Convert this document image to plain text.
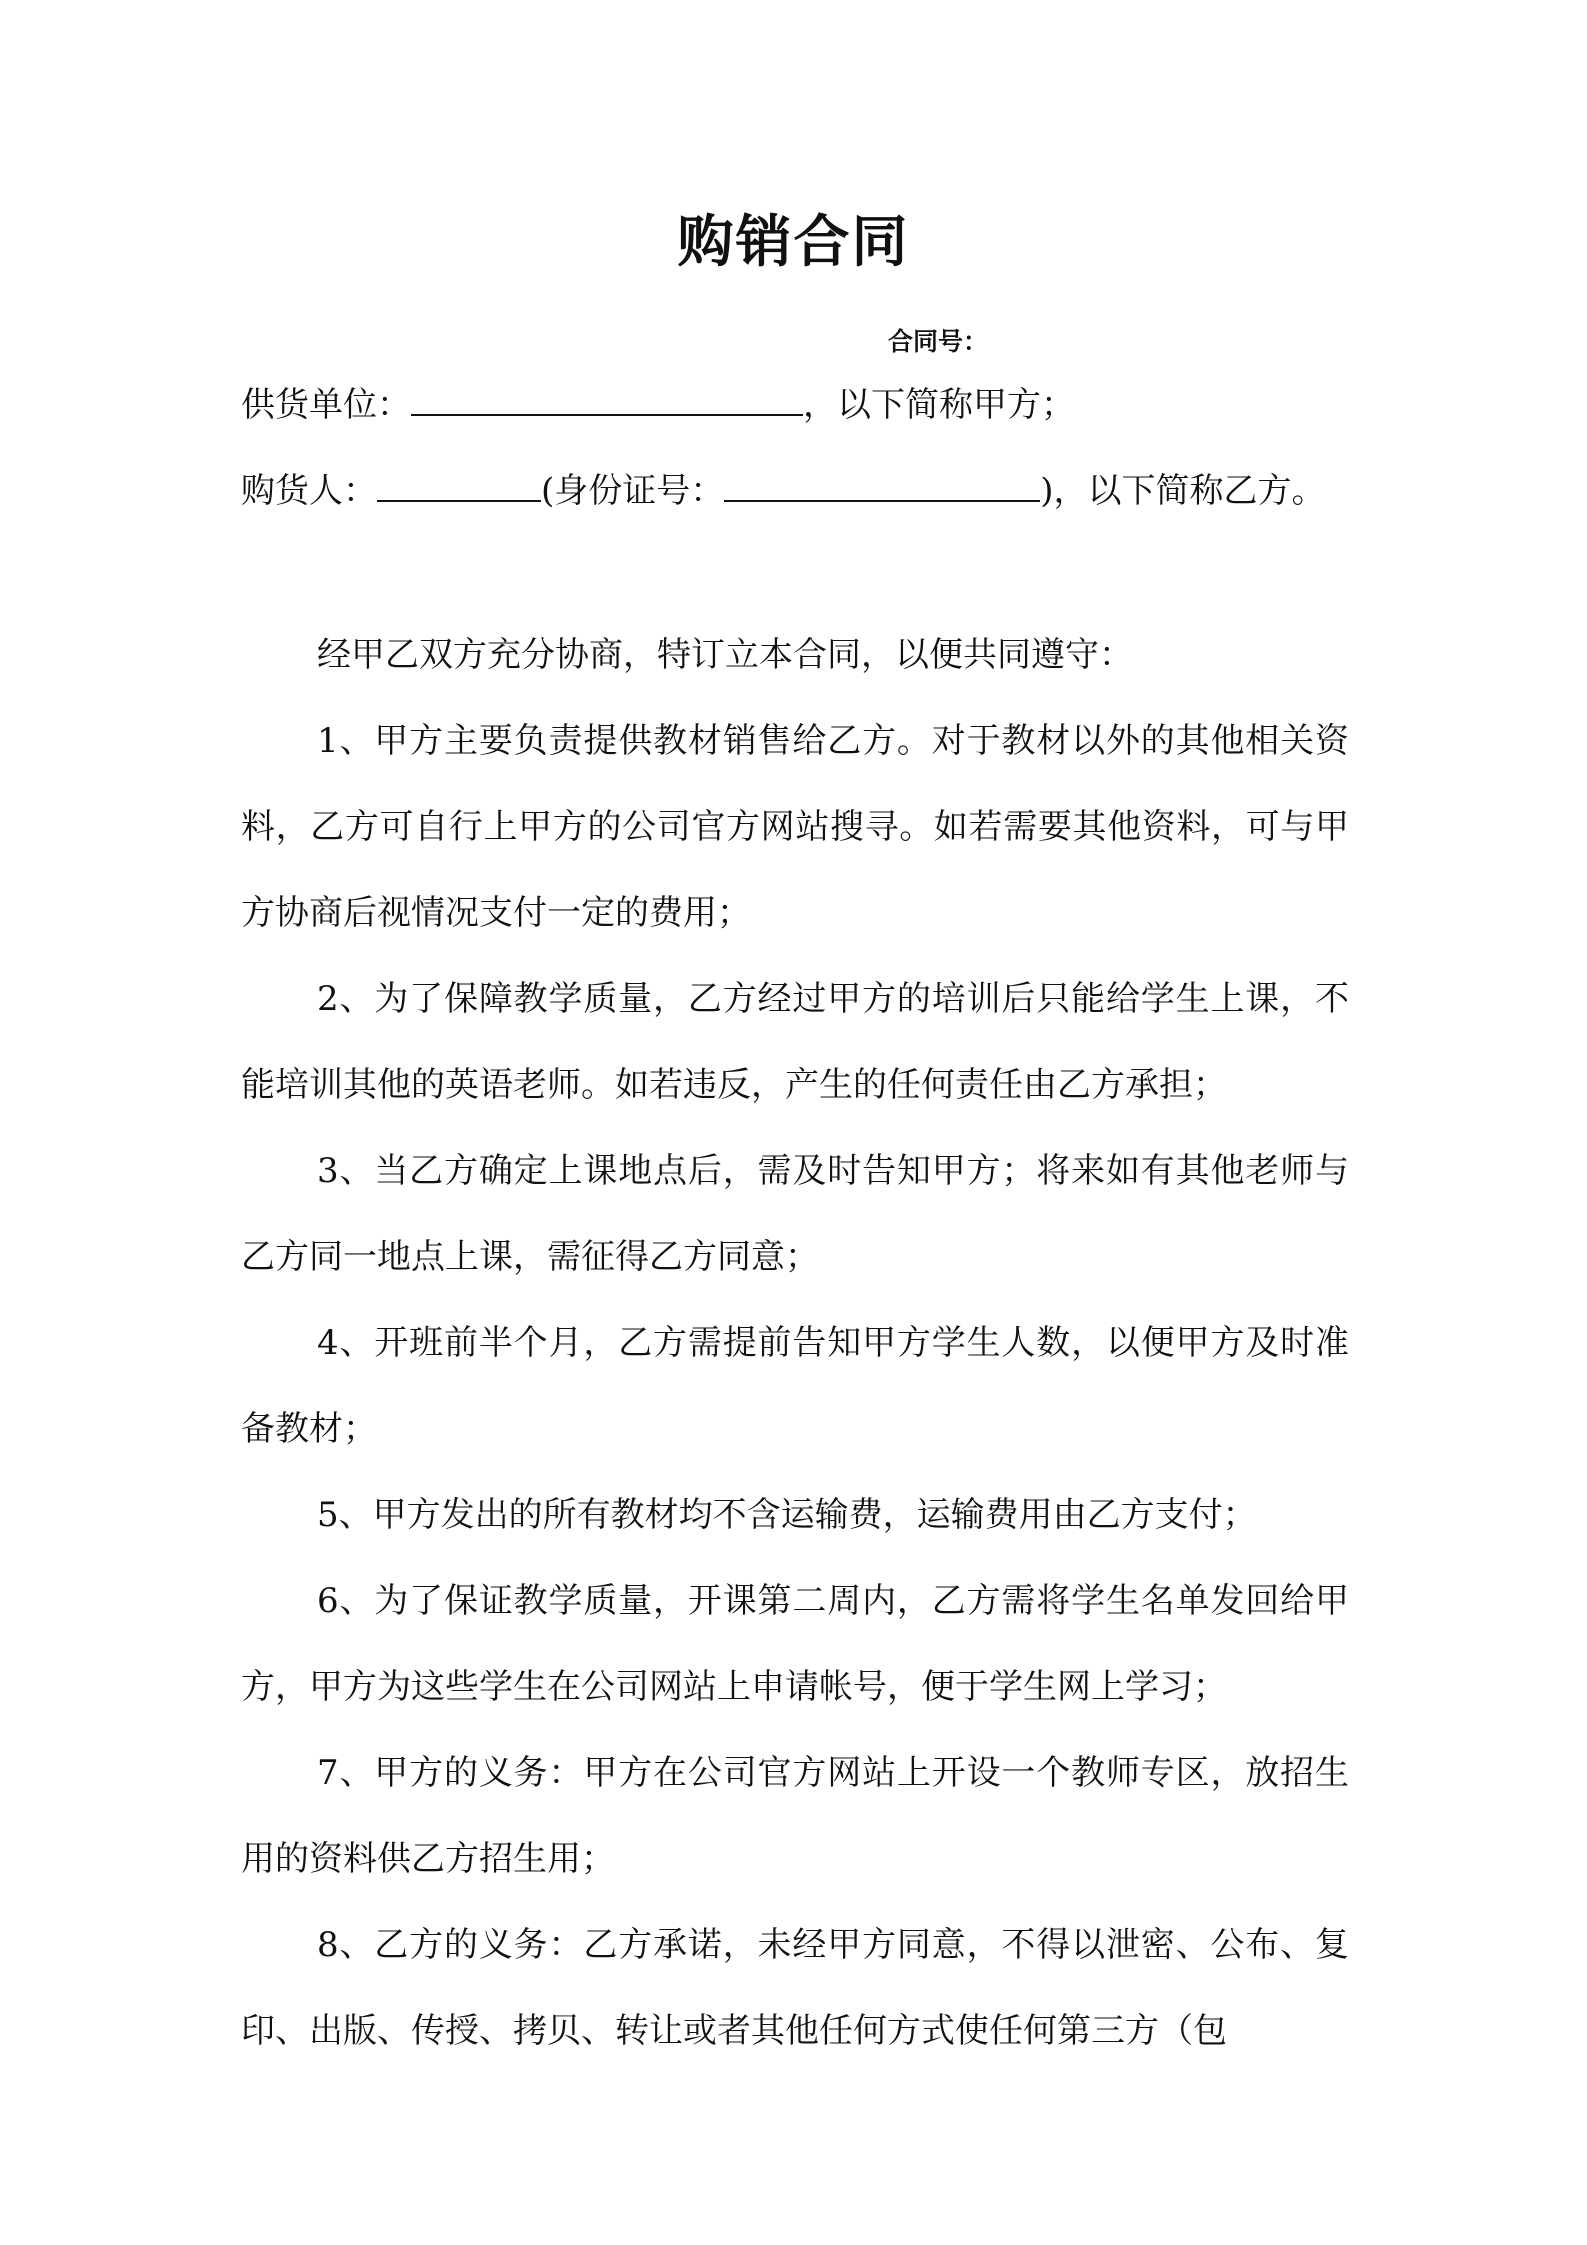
购销合同
合同号：
供货单位：	，以下简称甲方；
购货人：	(身份证号：	)，以下简称乙方。

经甲乙双方充分协商，特订立本合同，以便共同遵守：

1、甲方主要负责提供教材销售给乙方。对于教材以外的其他相关资料，乙方可自行上甲方的公司官方网站搜寻。如若需要其他资料，可与甲方协商后视情况支付一定的费用；

2、为了保障教学质量，乙方经过甲方的培训后只能给学生上课，不能培训其他的英语老师。如若违反，产生的任何责任由乙方承担；

3、当乙方确定上课地点后，需及时告知甲方；将来如有其他老师与乙方同一地点上课，需征得乙方同意；

4、开班前半个月，乙方需提前告知甲方学生人数，以便甲方及时准备教材；

5、甲方发出的所有教材均不含运输费，运输费用由乙方支付；

6、为了保证教学质量，开课第二周内，乙方需将学生名单发回给甲方，甲方为这些学生在公司网站上申请帐号，便于学生网上学习；

7、甲方的义务：甲方在公司官方网站上开设一个教师专区，放招生用的资料供乙方招生用；

8、乙方的义务：乙方承诺，未经甲方同意，不得以泄密、公布、复印、出版、传授、拷贝、转让或者其他任何方式使任何第三方（包
